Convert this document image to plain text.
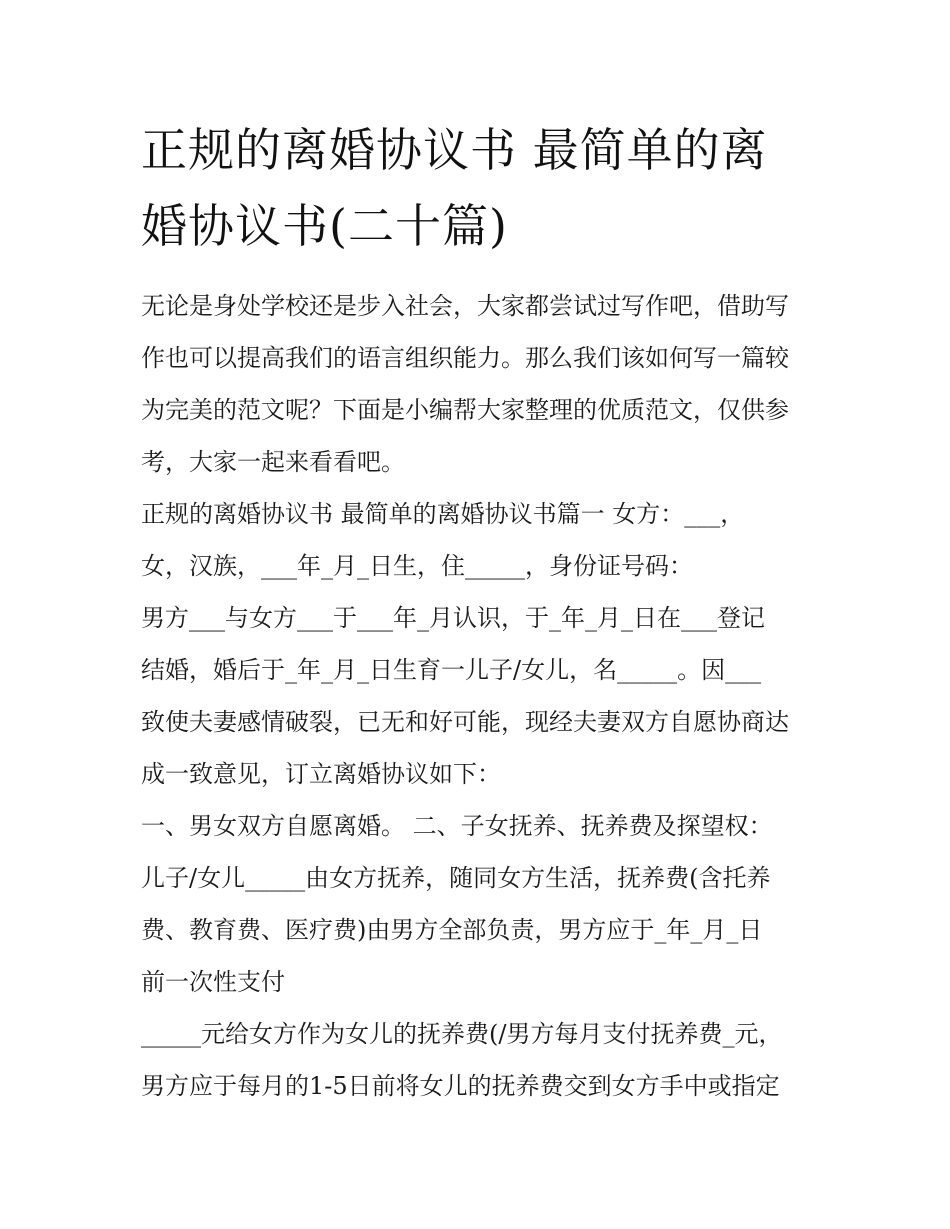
正规的离婚协议书 最简单的离
婚协议书(二十篇)
无论是身处学校还是步入社会，大家都尝试过写作吧，借助写
作也可以提高我们的语言组织能力。那么我们该如何写一篇较
为完美的范文呢？下面是小编帮大家整理的优质范文，仅供参
考，大家一起来看看吧。
正规的离婚协议书 最简单的离婚协议书篇一 女方：___，
女，汉族，___年_月_日生，住_____，身份证号码：
男方___与女方___于___年_月认识，于_年_月_日在___登记
结婚，婚后于_年_月_日生育一儿子/女儿，名_____。因___
致使夫妻感情破裂，已无和好可能，现经夫妻双方自愿协商达
成一致意见，订立离婚协议如下：
一、男女双方自愿离婚。 二、子女抚养、抚养费及探望权：
儿子/女儿_____由女方抚养，随同女方生活，抚养费(含托养
费、教育费、医疗费)由男方全部负责，男方应于_年_月_日
前一次性支付
_____元给女方作为女儿的抚养费(/男方每月支付抚养费_元，
男方应于每月的1-5日前将女儿的抚养费交到女方手中或指定
